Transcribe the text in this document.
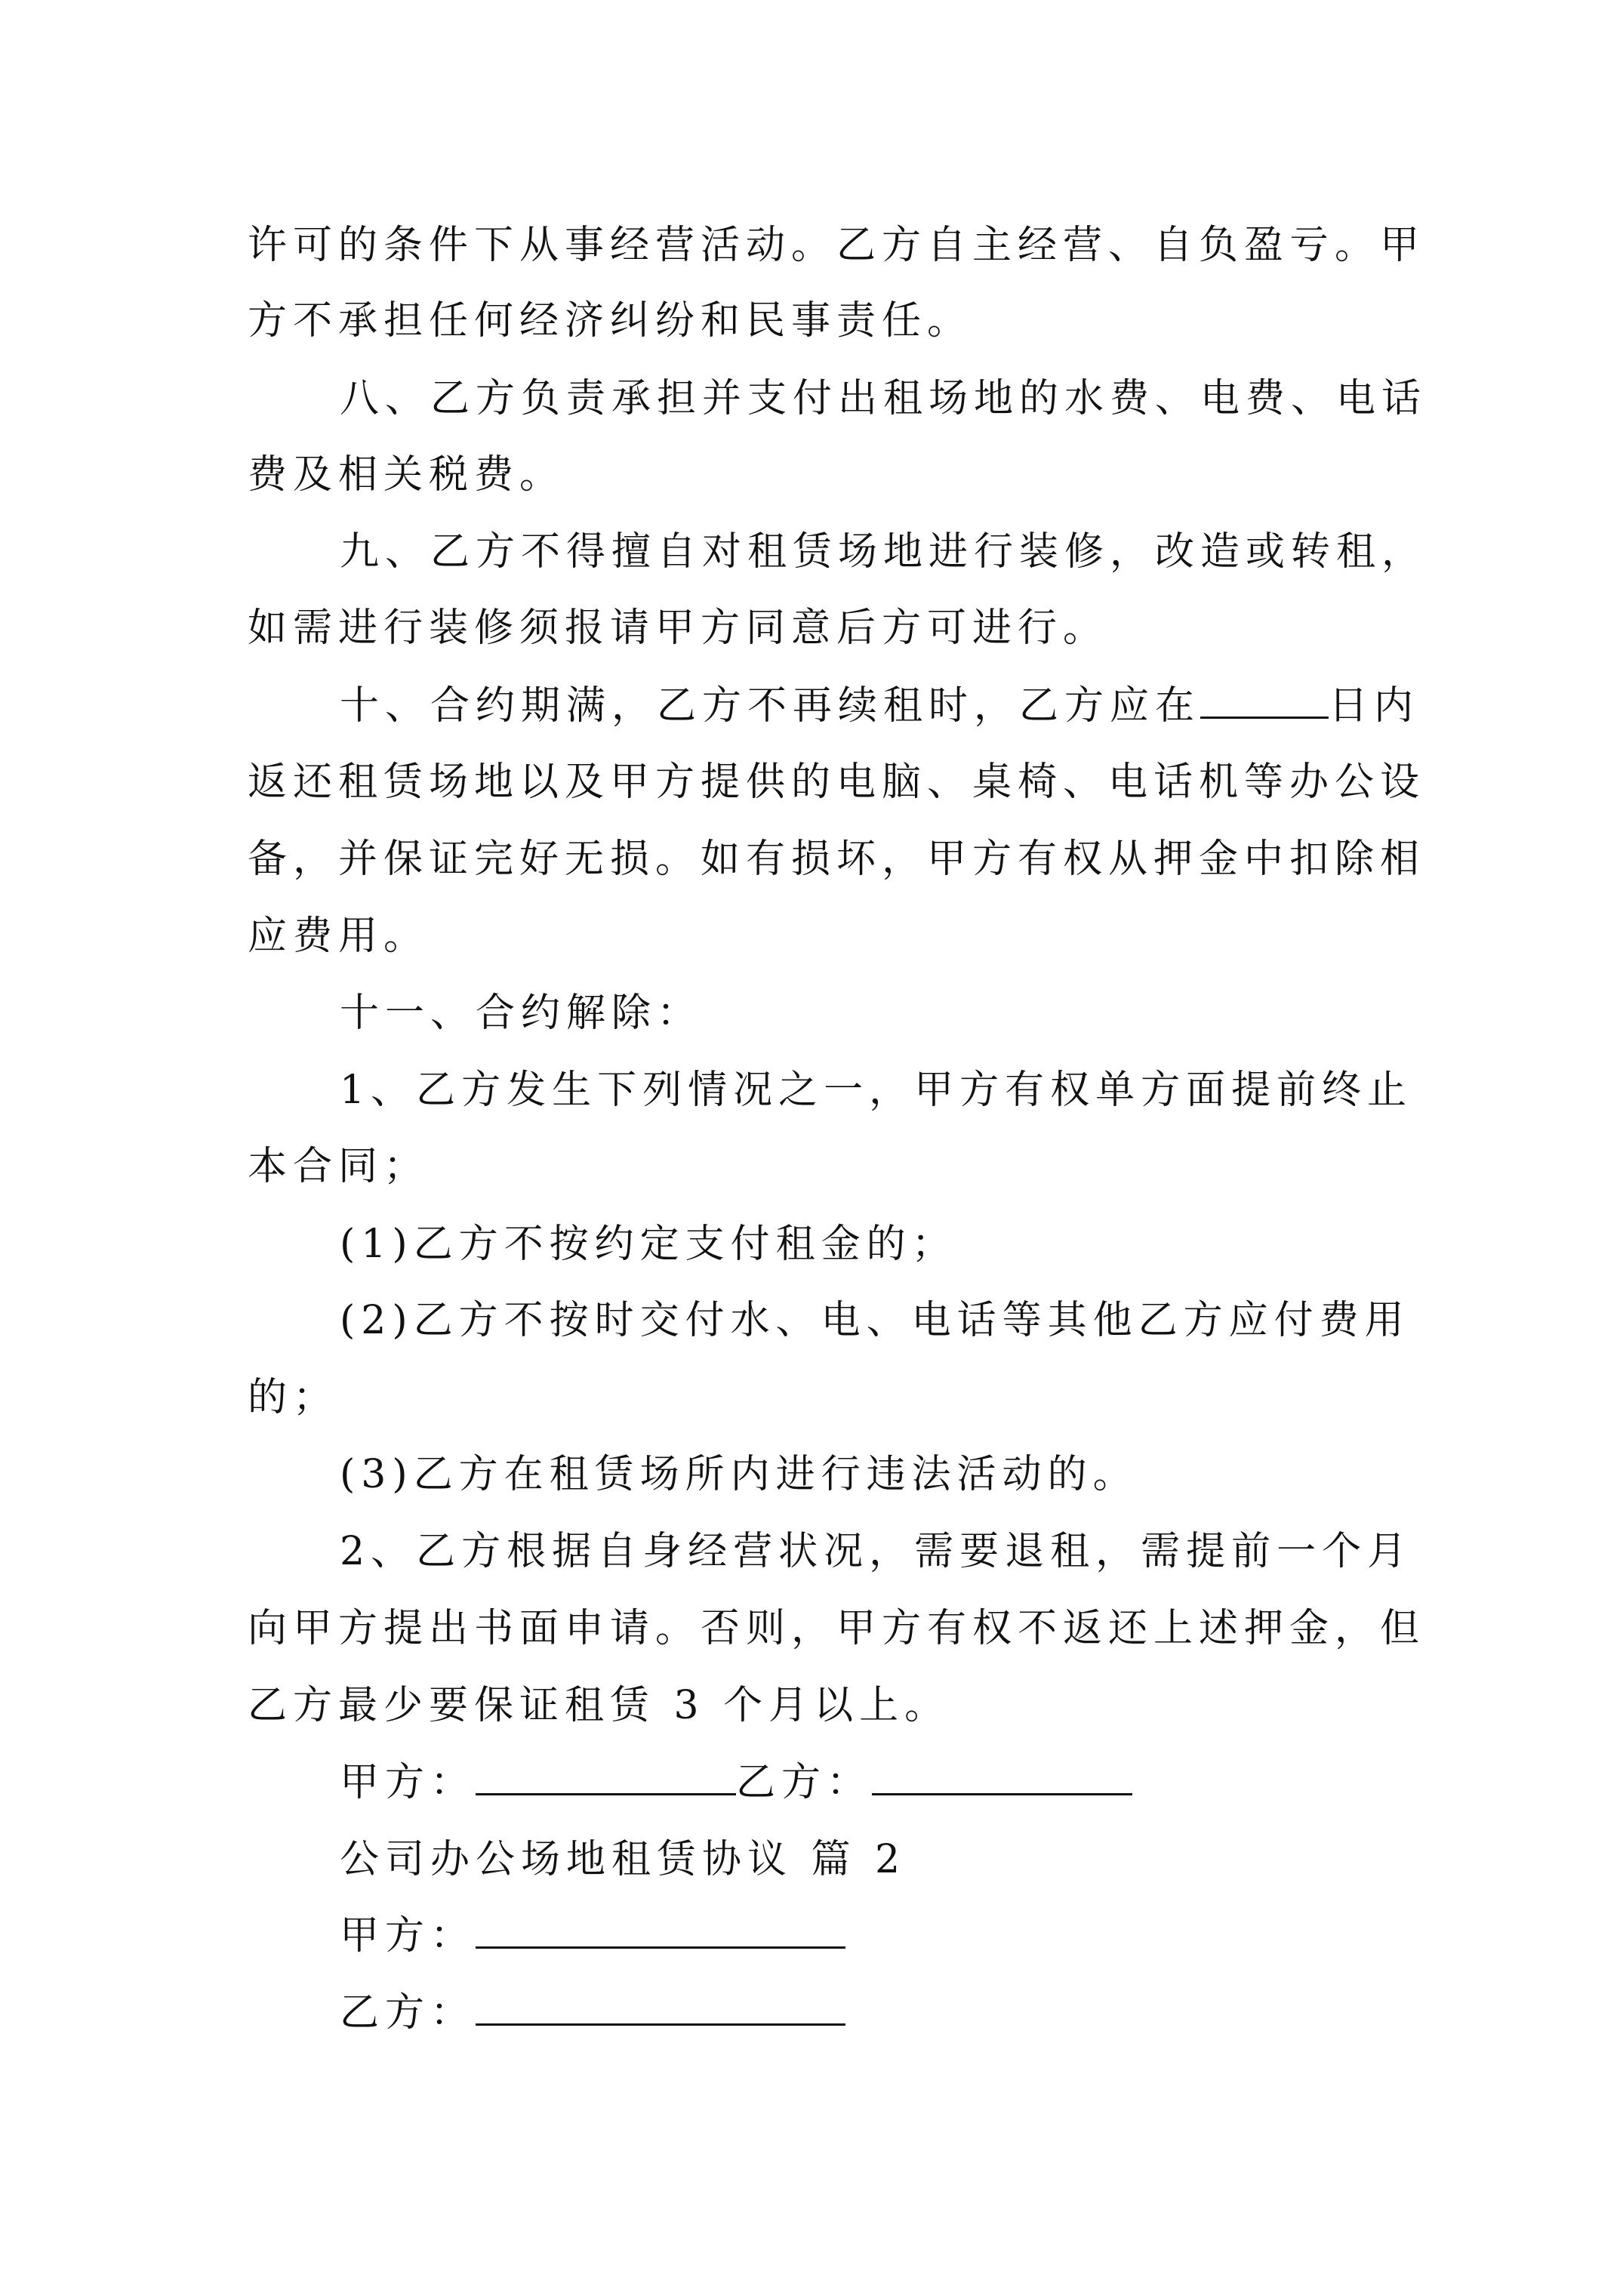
许可的条件下从事经营活动。乙方自主经营、自负盈亏。甲
方不承担任何经济纠纷和民事责任。
八、乙方负责承担并支付出租场地的水费、电费、电话
费及相关税费。
九、乙方不得擅自对租赁场地进行装修，改造或转租，
如需进行装修须报请甲方同意后方可进行。
十、合约期满，乙方不再续租时，乙方应在	日内
返还租赁场地以及甲方提供的电脑、桌椅、电话机等办公设
备，并保证完好无损。如有损坏，甲方有权从押金中扣除相
应费用。
十一、合约解除：
1、乙方发生下列情况之一，甲方有权单方面提前终止
本合同；
(1)乙方不按约定支付租金的；
(2)乙方不按时交付水、电、电话等其他乙方应付费用
的；
(3)乙方在租赁场所内进行违法活动的。
2、乙方根据自身经营状况，需要退租，需提前一个月
向甲方提出书面申请。否则，甲方有权不返还上述押金，但
乙方最少要保证租赁 3 个月以上。
甲方：	乙方：
公司办公场地租赁协议 篇 2
甲方：
乙方：
